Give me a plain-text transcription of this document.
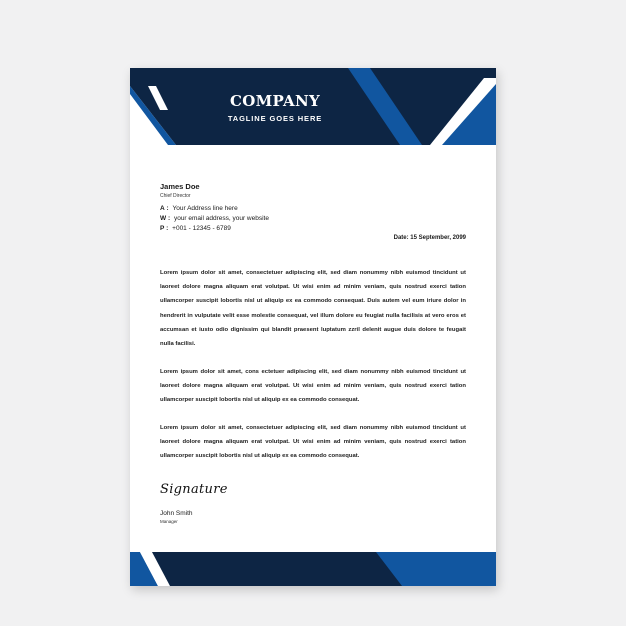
COMPANY
TAGLINE GOES HERE
James Doe
Chief Director
A : Your Address line here
W : your email address, your website
P : +001 - 12345 - 6789
Date: 15 September, 2099
Lorem ipsum dolor sit amet, consectetuer adipiscing elit, sed diam nonummy nibh euismod tincidunt ut laoreet dolore magna aliquam erat volutpat. Ut wisi enim ad minim veniam, quis nostrud exerci tation ullamcorper suscipit lobortis nisl ut aliquip ex ea commodo consequat. Duis autem vel eum iriure dolor in hendrerit in vulputate velit esse molestie consequat, vel illum dolore eu feugiat nulla facilisis at vero eros et accumsan et iusto odio dignissim qui blandit praesent luptatum zzril delenit augue duis dolore te feugait nulla facilisi.
Lorem ipsum dolor sit amet, cons ectetuer adipiscing elit, sed diam nonummy nibh euismod tincidunt ut laoreet dolore magna aliquam erat volutpat. Ut wisi enim ad minim veniam, quis nostrud exerci tation ullamcorper suscipit lobortis nisl ut aliquip ex ea commodo consequat.
Lorem ipsum dolor sit amet, consectetuer adipiscing elit, sed diam nonummy nibh euismod tincidunt ut laoreet dolore magna aliquam erat volutpat. Ut wisi enim ad minim veniam, quis nostrud exerci tation ullamcorper suscipit lobortis nisl ut aliquip ex ea commodo consequat.
Signature
John Smith
Manager
